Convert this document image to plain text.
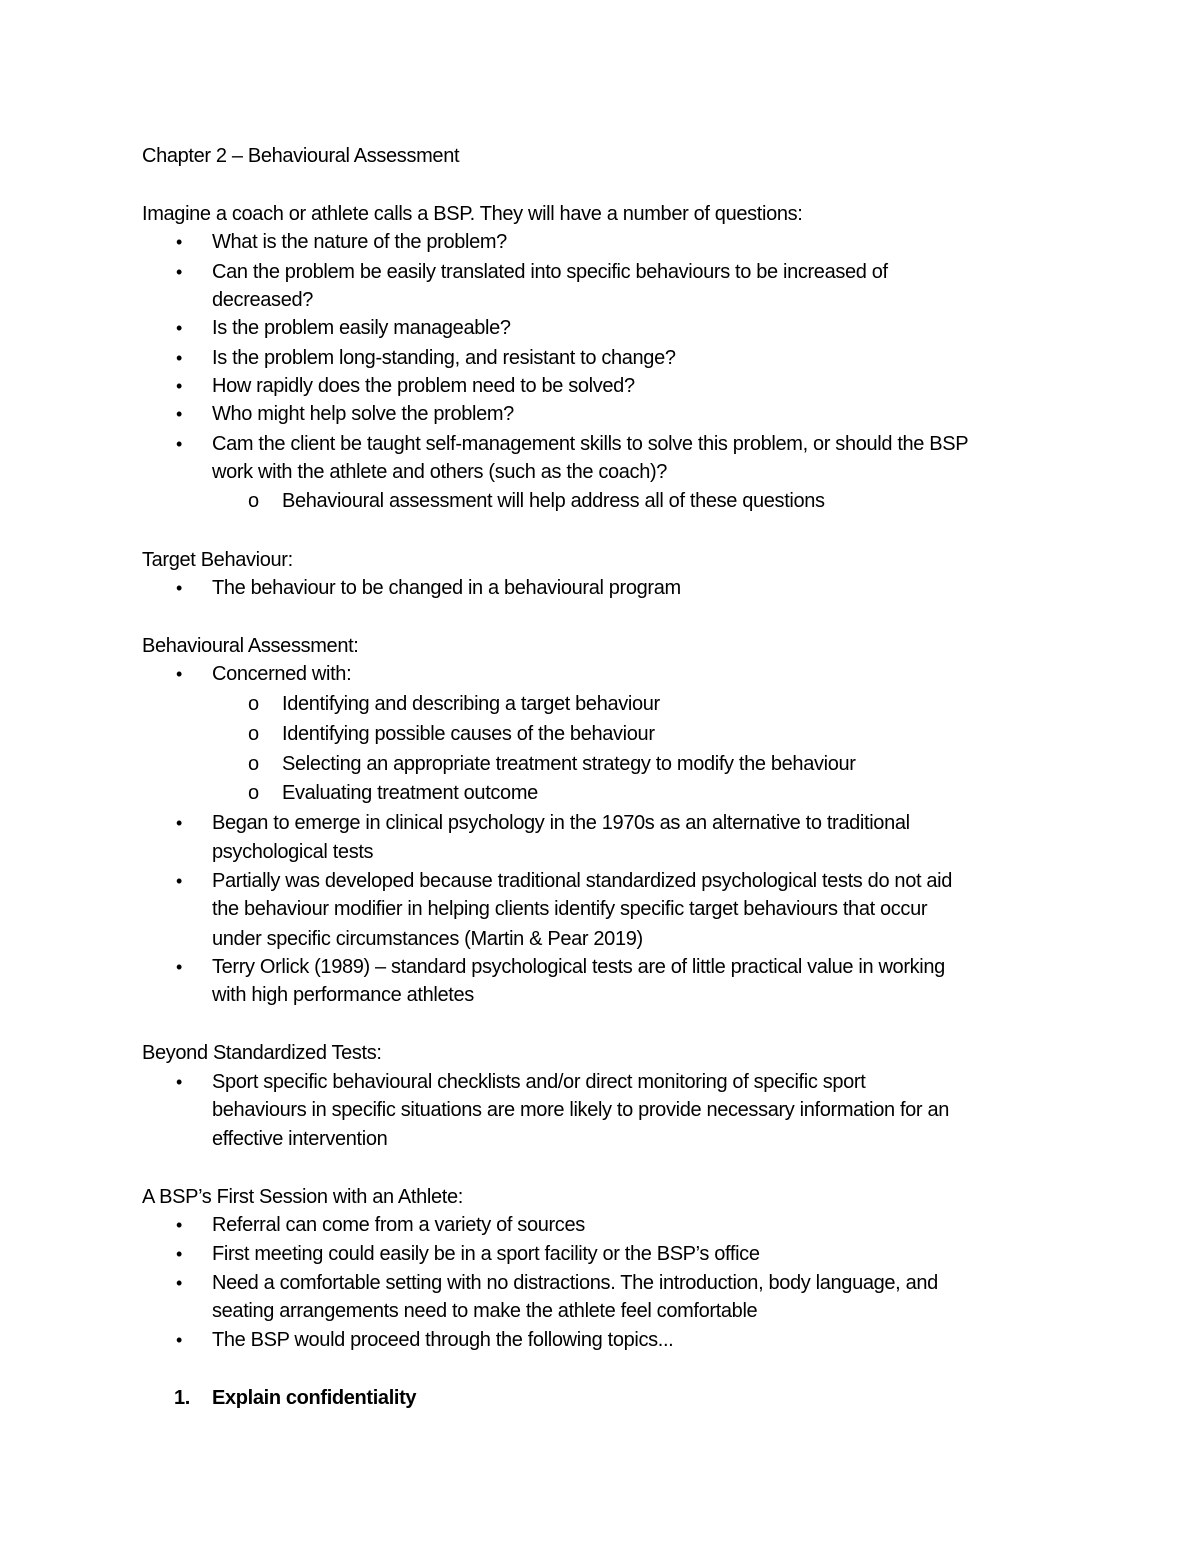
Chapter 2 – Behavioural Assessment
Imagine a coach or athlete calls a BSP. They will have a number of questions:
• What is the nature of the problem?
• Can the problem be easily translated into specific behaviours to be increased of
decreased?
• Is the problem easily manageable?
• Is the problem long-standing, and resistant to change?
• How rapidly does the problem need to be solved?
• Who might help solve the problem?
• Cam the client be taught self-management skills to solve this problem, or should the BSP
work with the athlete and others (such as the coach)?
o Behavioural assessment will help address all of these questions
Target Behaviour:
• The behaviour to be changed in a behavioural program
Behavioural Assessment:
• Concerned with:
o Identifying and describing a target behaviour
o Identifying possible causes of the behaviour
o Selecting an appropriate treatment strategy to modify the behaviour
o Evaluating treatment outcome
• Began to emerge in clinical psychology in the 1970s as an alternative to traditional
psychological tests
• Partially was developed because traditional standardized psychological tests do not aid
the behaviour modifier in helping clients identify specific target behaviours that occur
under specific circumstances (Martin & Pear 2019)
• Terry Orlick (1989) – standard psychological tests are of little practical value in working
with high performance athletes
Beyond Standardized Tests:
• Sport specific behavioural checklists and/or direct monitoring of specific sport
behaviours in specific situations are more likely to provide necessary information for an
effective intervention
A BSP’s First Session with an Athlete:
• Referral can come from a variety of sources
• First meeting could easily be in a sport facility or the BSP’s office
• Need a comfortable setting with no distractions. The introduction, body language, and
seating arrangements need to make the athlete feel comfortable
• The BSP would proceed through the following topics...
1. Explain confidentiality
